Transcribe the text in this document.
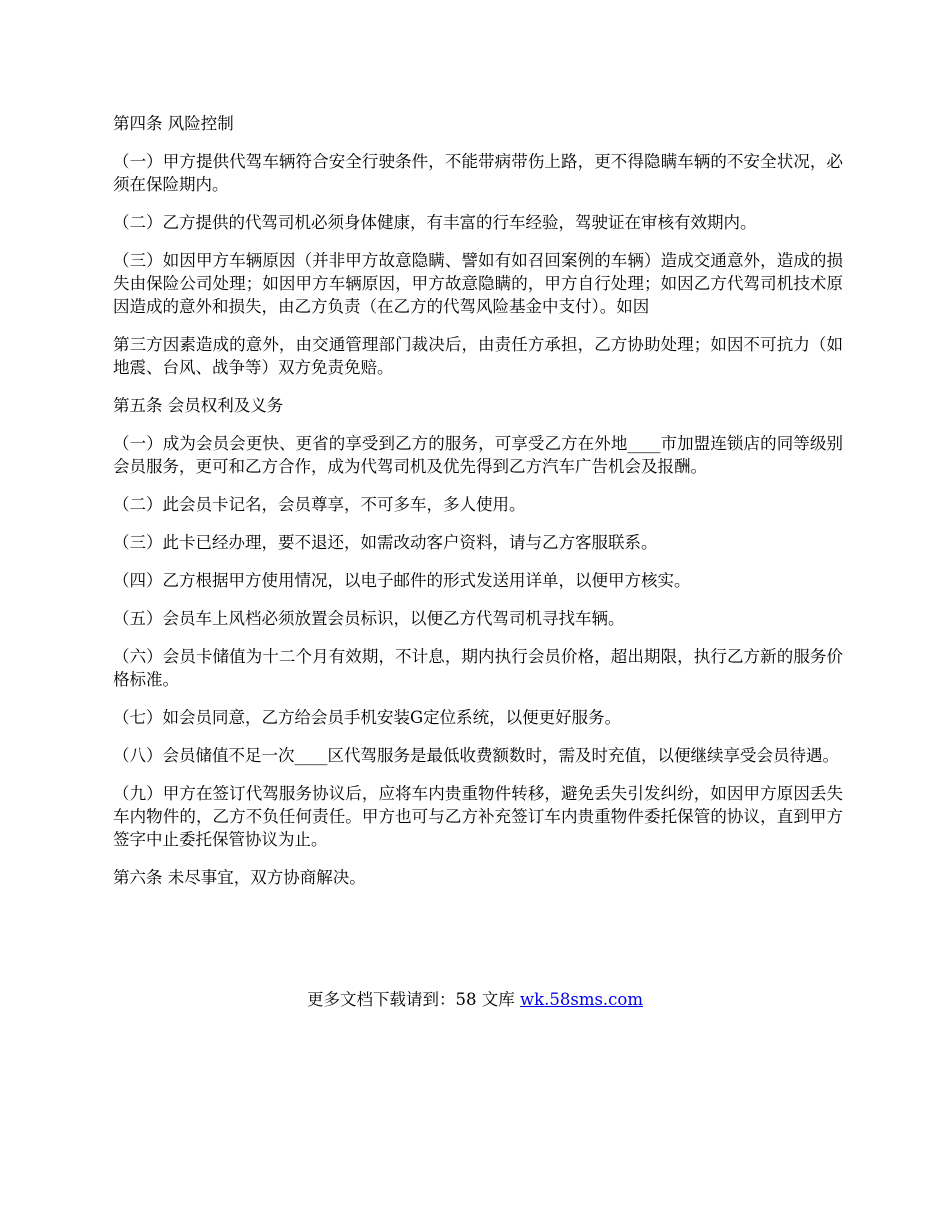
第四条 风险控制

（一）甲方提供代驾车辆符合安全行驶条件，不能带病带伤上路，更不得隐瞒车辆的不安全状况，必须在保险期内。

（二）乙方提供的代驾司机必须身体健康，有丰富的行车经验，驾驶证在审核有效期内。

（三）如因甲方车辆原因（并非甲方故意隐瞒、譬如有如召回案例的车辆）造成交通意外，造成的损失由保险公司处理；如因甲方车辆原因，甲方故意隐瞒的，甲方自行处理；如因乙方代驾司机技术原因造成的意外和损失，由乙方负责（在乙方的代驾风险基金中支付）。如因

第三方因素造成的意外，由交通管理部门裁决后，由责任方承担，乙方协助处理；如因不可抗力（如地震、台风、战争等）双方免责免赔。

第五条 会员权利及义务

（一）成为会员会更快、更省的享受到乙方的服务，可享受乙方在外地____市加盟连锁店的同等级别会员服务，更可和乙方合作，成为代驾司机及优先得到乙方汽车广告机会及报酬。

（二）此会员卡记名，会员尊享，不可多车，多人使用。

（三）此卡已经办理，要不退还，如需改动客户资料，请与乙方客服联系。

（四）乙方根据甲方使用情况，以电子邮件的形式发送用详单，以便甲方核实。

（五）会员车上风档必须放置会员标识，以便乙方代驾司机寻找车辆。

（六）会员卡储值为十二个月有效期，不计息，期内执行会员价格，超出期限，执行乙方新的服务价格标准。

（七）如会员同意，乙方给会员手机安装G定位系统，以便更好服务。

（八）会员储值不足一次____区代驾服务是最低收费额数时，需及时充值，以便继续享受会员待遇。

（九）甲方在签订代驾服务协议后，应将车内贵重物件转移，避免丢失引发纠纷，如因甲方原因丢失车内物件的，乙方不负任何责任。甲方也可与乙方补充签订车内贵重物件委托保管的协议，直到甲方签字中止委托保管协议为止。

第六条 未尽事宜，双方协商解决。

更多文档下载请到：58 文库 wk.58sms.com
